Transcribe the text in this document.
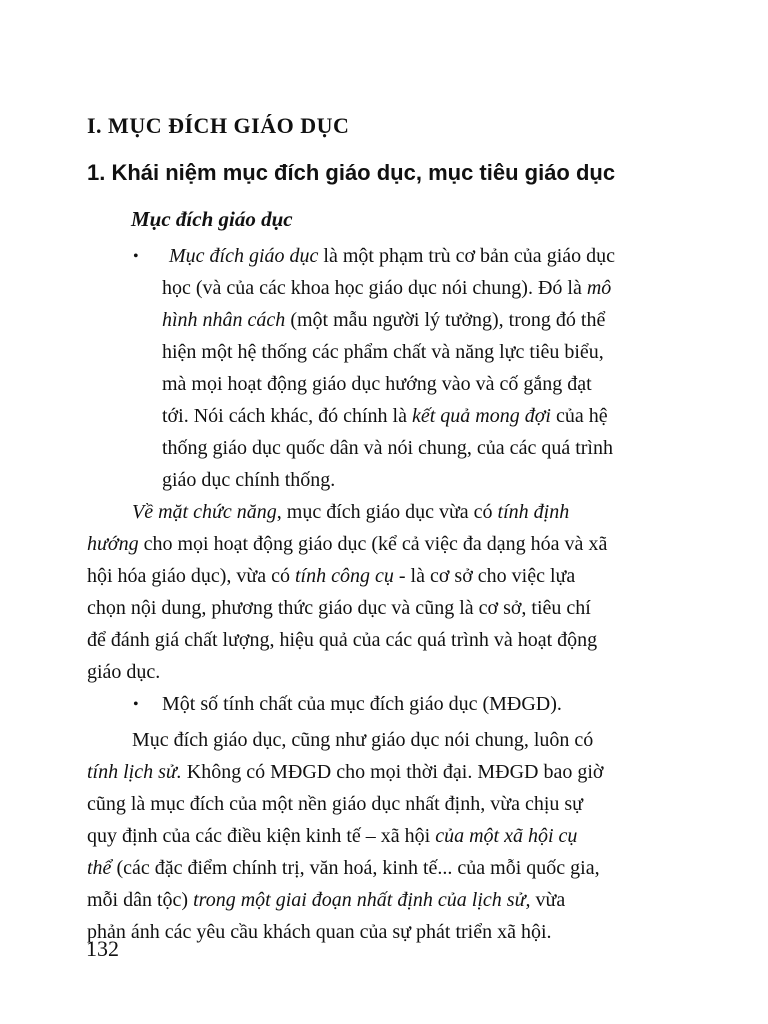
I. MỤC ĐÍCH GIÁO DỤC
1. Khái niệm mục đích giáo dục, mục tiêu giáo dục
Mục đích giáo dục
• Mục đích giáo dục là một phạm trù cơ bản của giáo dục
học (và của các khoa học giáo dục nói chung). Đó là mô
hình nhân cách (một mẫu người lý tưởng), trong đó thể
hiện một hệ thống các phẩm chất và năng lực tiêu biểu,
mà mọi hoạt động giáo dục hướng vào và cố gắng đạt
tới. Nói cách khác, đó chính là kết quả mong đợi của hệ
thống giáo dục quốc dân và nói chung, của các quá trình
giáo dục chính thống.
Về mặt chức năng, mục đích giáo dục vừa có tính định
hướng cho mọi hoạt động giáo dục (kể cả việc đa dạng hóa và xã
hội hóa giáo dục), vừa có tính công cụ - là cơ sở cho việc lựa
chọn nội dung, phương thức giáo dục và cũng là cơ sở, tiêu chí
để đánh giá chất lượng, hiệu quả của các quá trình và hoạt động
giáo dục.
• Một số tính chất của mục đích giáo dục (MĐGD).
Mục đích giáo dục, cũng như giáo dục nói chung, luôn có
tính lịch sử. Không có MĐGD cho mọi thời đại. MĐGD bao giờ
cũng là mục đích của một nền giáo dục nhất định, vừa chịu sự
quy định của các điều kiện kinh tế – xã hội của một xã hội cụ
thể (các đặc điểm chính trị, văn hoá, kinh tế... của mỗi quốc gia,
mỗi dân tộc) trong một giai đoạn nhất định của lịch sử, vừa
phản ánh các yêu cầu khách quan của sự phát triển xã hội.
132
